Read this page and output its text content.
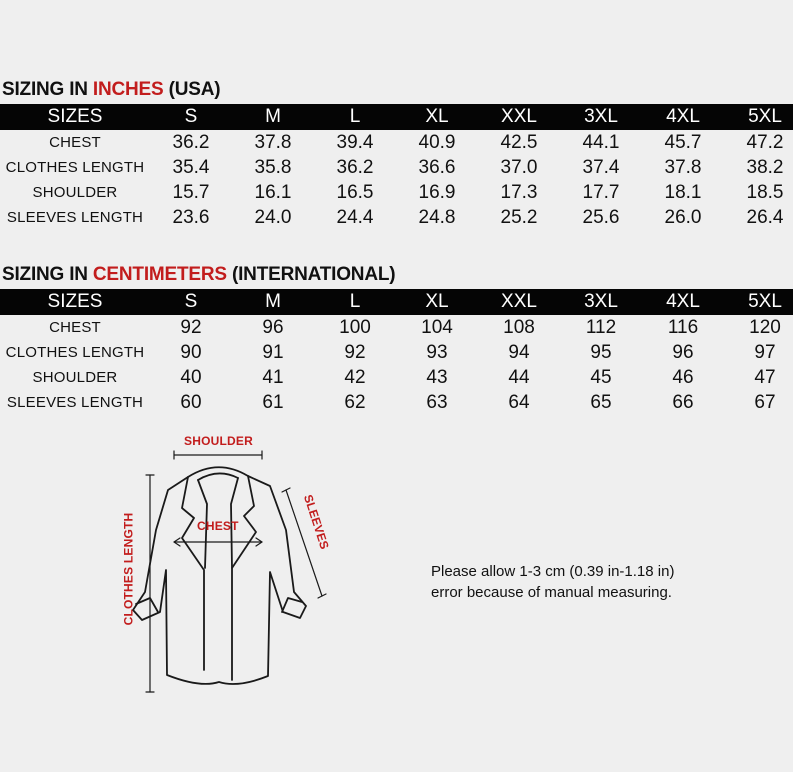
SIZING IN INCHES (USA)
SIZES	S	M	L	XL	XXL	3XL	4XL	5XL
CHEST	36.2	37.8	39.4	40.9	42.5	44.1	45.7	47.2
CLOTHES LENGTH	35.4	35.8	36.2	36.6	37.0	37.4	37.8	38.2
SHOULDER	15.7	16.1	16.5	16.9	17.3	17.7	18.1	18.5
SLEEVES LENGTH	23.6	24.0	24.4	24.8	25.2	25.6	26.0	26.4
SIZING IN CENTIMETERS (INTERNATIONAL)
SIZES	S	M	L	XL	XXL	3XL	4XL	5XL
CHEST	92	96	100	104	108	112	116	120
CLOTHES LENGTH	90	91	92	93	94	95	96	97
SHOULDER	40	41	42	43	44	45	46	47
SLEEVES LENGTH	60	61	62	63	64	65	66	67
SHOULDER
CHEST	SLEEVES
CLOTHES LENGTH	Please allow 1-3 cm (0.39 in-1.18 in)
error because of manual measuring.
